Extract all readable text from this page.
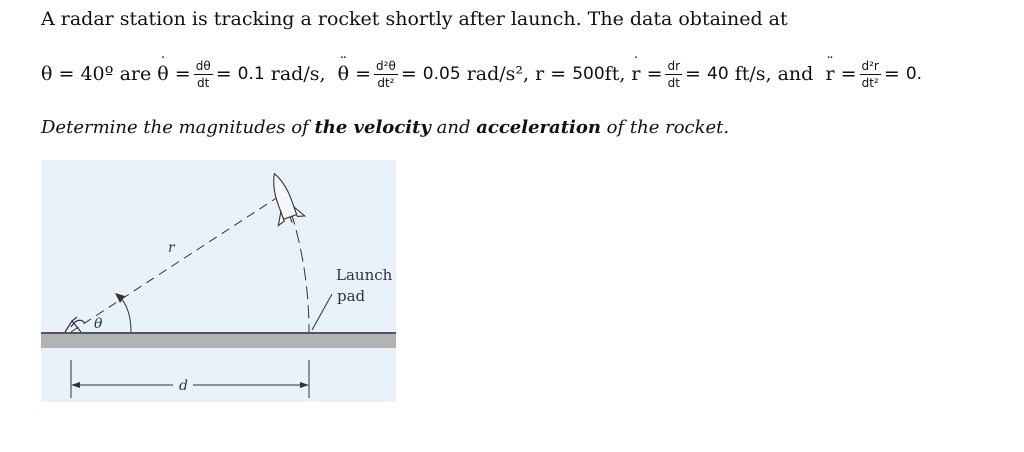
A radar station is tracking a rocket shortly after launch. The data obtained at
θ = 40º are
θ ˙
= $\frac{d\theta}{dt}$ =
0.1
rad/s,
θ ¨
= $\frac{\text{d²θ}}{\text{dt²}}$ =
0.05
rad/s², r =
500 ft,
r ˙
= $\frac{dr}{dt}$ =
40
ft/s, and
r ¨
= $\frac{\text{d²r}}{\text{dt²}}$ =
0.
Determine the magnitudes of the velocity and acceleration of the rocket.
r
θ
Launch
pad
d
